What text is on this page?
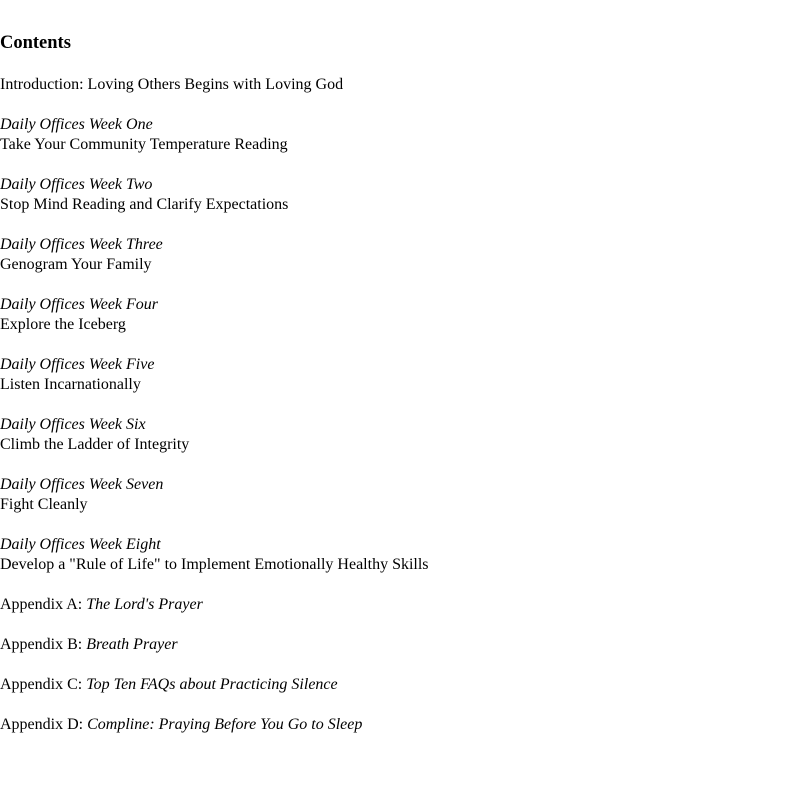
Contents

Introduction: Loving Others Begins with Loving God

Daily Offices Week One
Take Your Community Temperature Reading
Daily Offices Week Two
Stop Mind Reading and Clarify Expectations
Daily Offices Week Three
Genogram Your Family
Daily Offices Week Four
Explore the Iceberg
Daily Offices Week Five
Listen Incarnationally
Daily Offices Week Six
Climb the Ladder of Integrity
Daily Offices Week Seven
Fight Cleanly
Daily Offices Week Eight
Develop a "Rule of Life" to Implement Emotionally Healthy Skills

Appendix A: The Lord's Prayer

Appendix B: Breath Prayer

Appendix C: Top Ten FAQs about Practicing Silence

Appendix D: Compline: Praying Before You Go to Sleep
